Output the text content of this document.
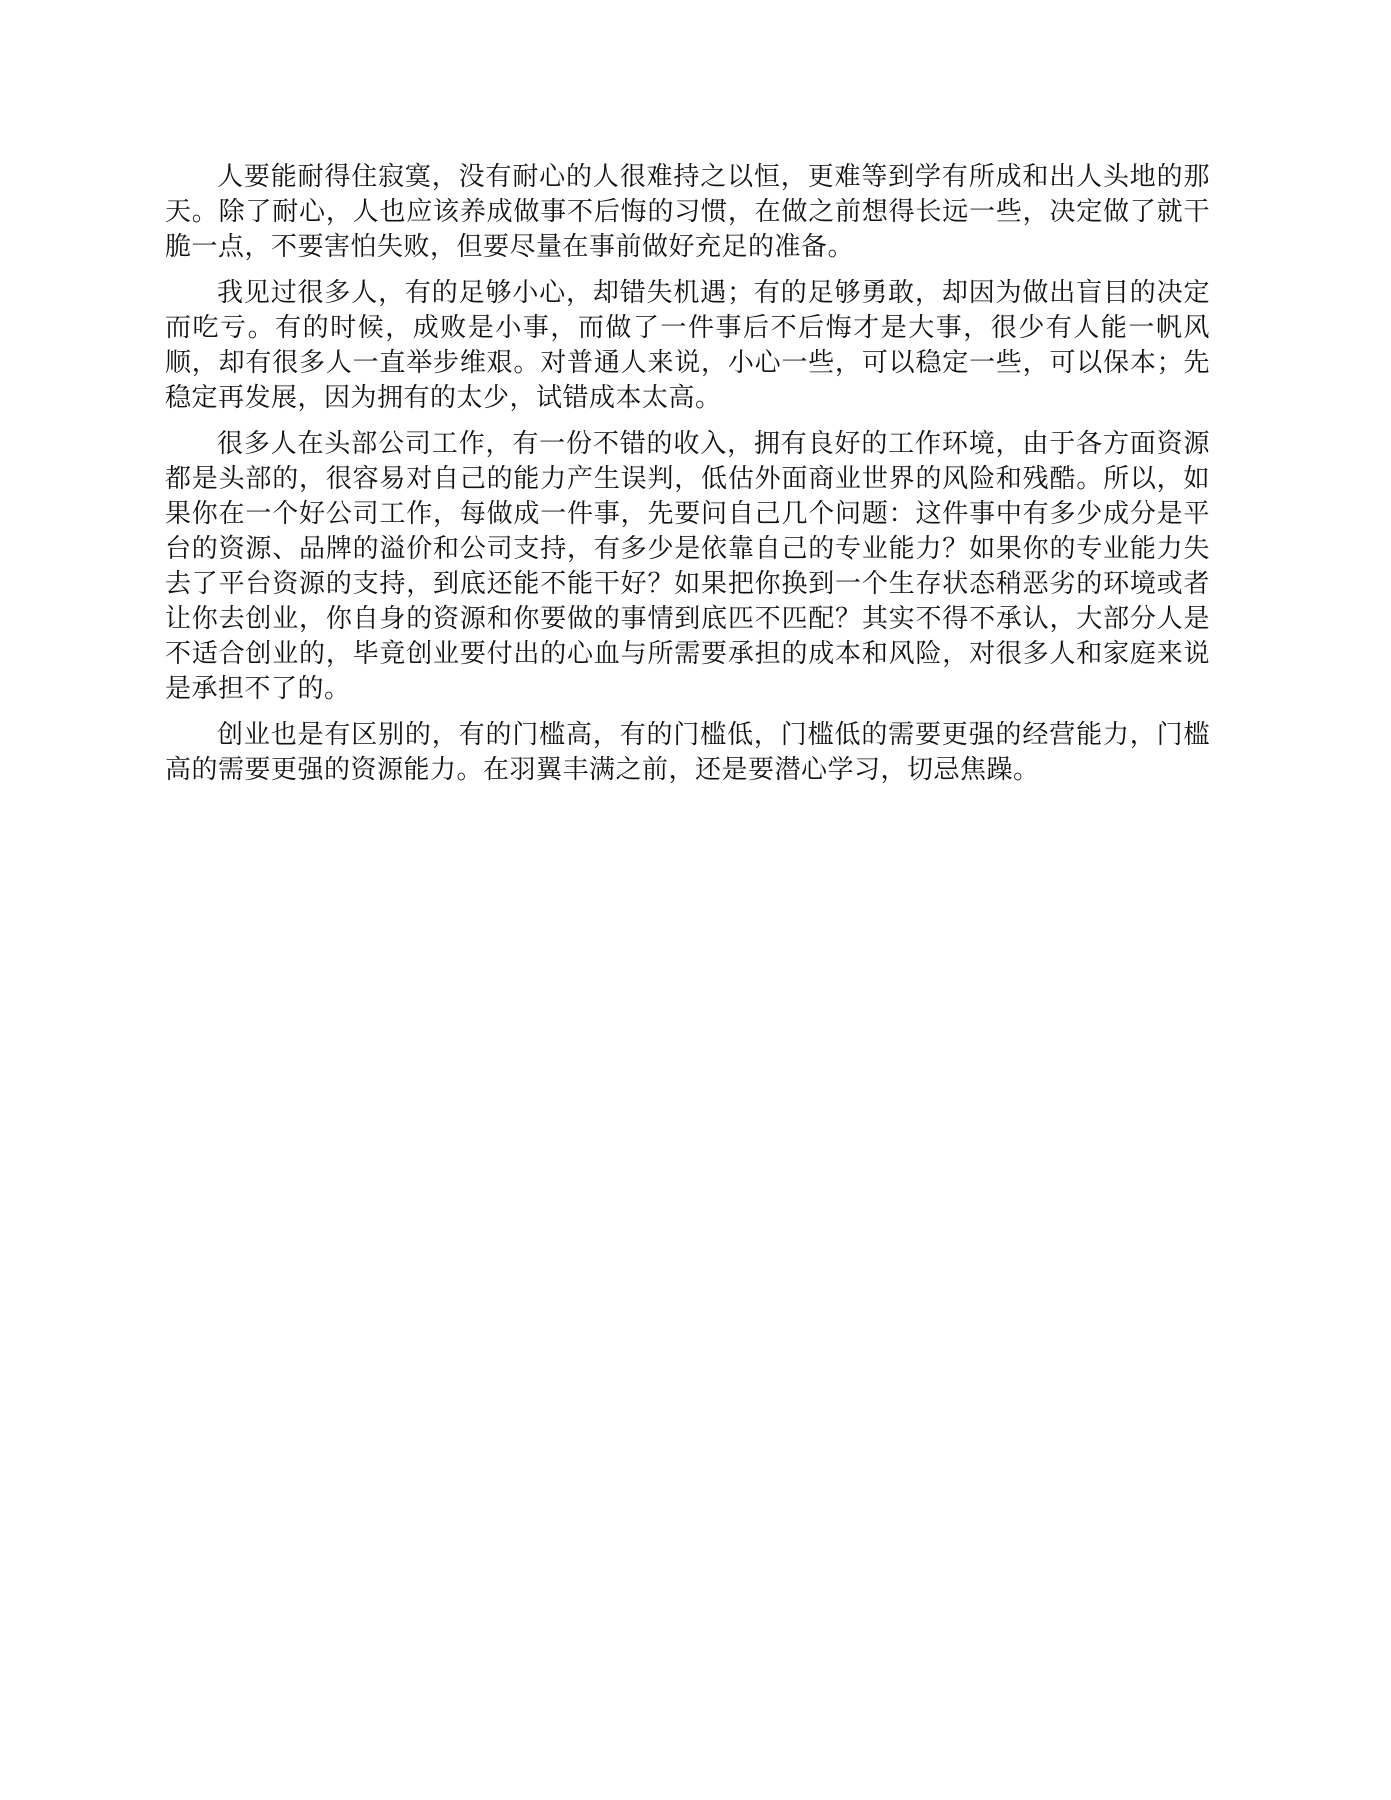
人要能耐得住寂寞，没有耐心的人很难持之以恒，更难等到学有所成和出人头地的那天。除了耐心，人也应该养成做事不后悔的习惯，在做之前想得长远一些，决定做了就干脆一点，不要害怕失败，但要尽量在事前做好充足的准备。

我见过很多人，有的足够小心，却错失机遇；有的足够勇敢，却因为做出盲目的决定而吃亏。有的时候，成败是小事，而做了一件事后不后悔才是大事，很少有人能一帆风顺，却有很多人一直举步维艰。对普通人来说，小心一些，可以稳定一些，可以保本；先稳定再发展，因为拥有的太少，试错成本太高。

很多人在头部公司工作，有一份不错的收入，拥有良好的工作环境，由于各方面资源都是头部的，很容易对自己的能力产生误判，低估外面商业世界的风险和残酷。所以，如果你在一个好公司工作，每做成一件事，先要问自己几个问题：这件事中有多少成分是平台的资源、品牌的溢价和公司支持，有多少是依靠自己的专业能力？如果你的专业能力失去了平台资源的支持，到底还能不能干好？如果把你换到一个生存状态稍恶劣的环境或者让你去创业，你自身的资源和你要做的事情到底匹不匹配？其实不得不承认，大部分人是不适合创业的，毕竟创业要付出的心血与所需要承担的成本和风险，对很多人和家庭来说是承担不了的。

创业也是有区别的，有的门槛高，有的门槛低，门槛低的需要更强的经营能力，门槛高的需要更强的资源能力。在羽翼丰满之前，还是要潜心学习，切忌焦躁。
